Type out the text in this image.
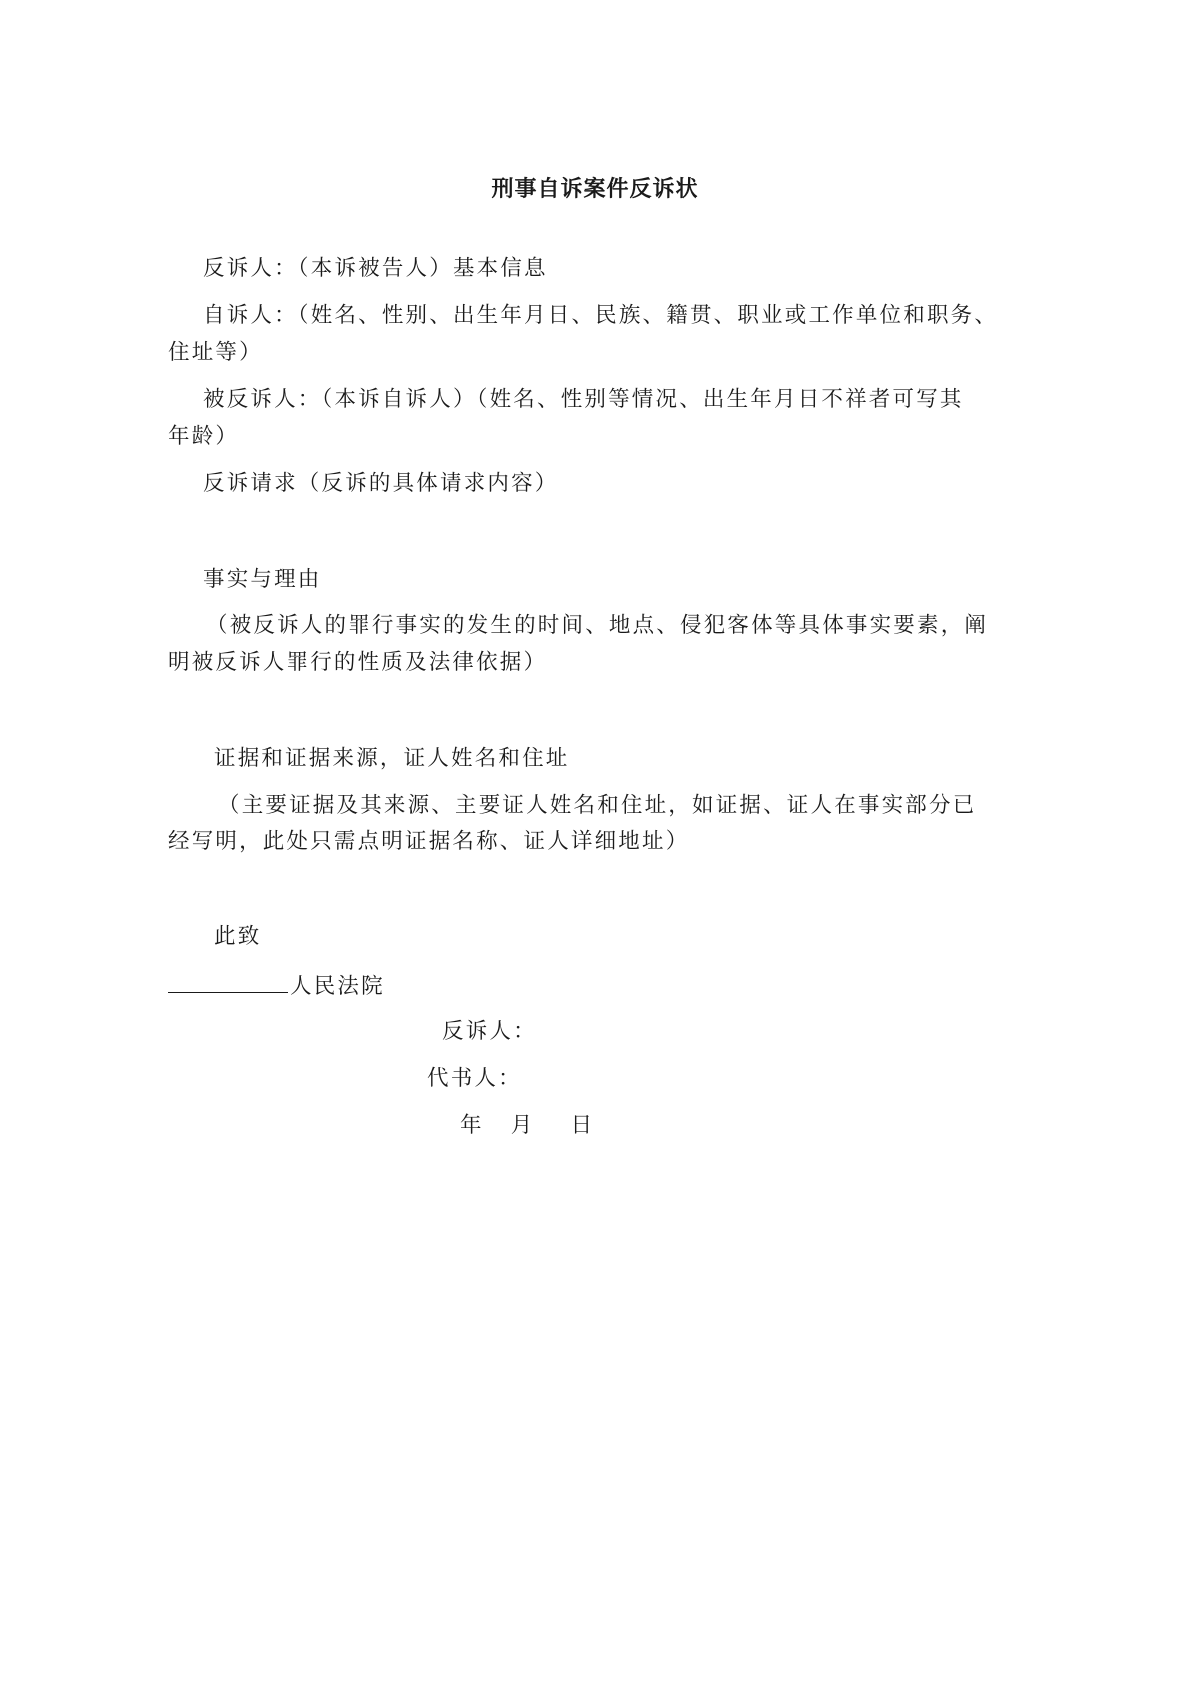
刑事自诉案件反诉状
反诉人：（本诉被告人）基本信息
自诉人：（姓名、性别、出生年月日、民族、籍贯、职业或工作单位和职务、
住址等）
被反诉人：（本诉自诉人）（姓名、性别等情况、出生年月日不祥者可写其
年龄）
反诉请求（反诉的具体请求内容）
事实与理由
（被反诉人的罪行事实的发生的时间、地点、侵犯客体等具体事实要素，阐
明被反诉人罪行的性质及法律依据）
证据和证据来源，证人姓名和住址
（主要证据及其来源、主要证人姓名和住址，如证据、证人在事实部分已
经写明，此处只需点明证据名称、证人详细地址）
此致
人民法院
反诉人：
代书人：
年   月    日
